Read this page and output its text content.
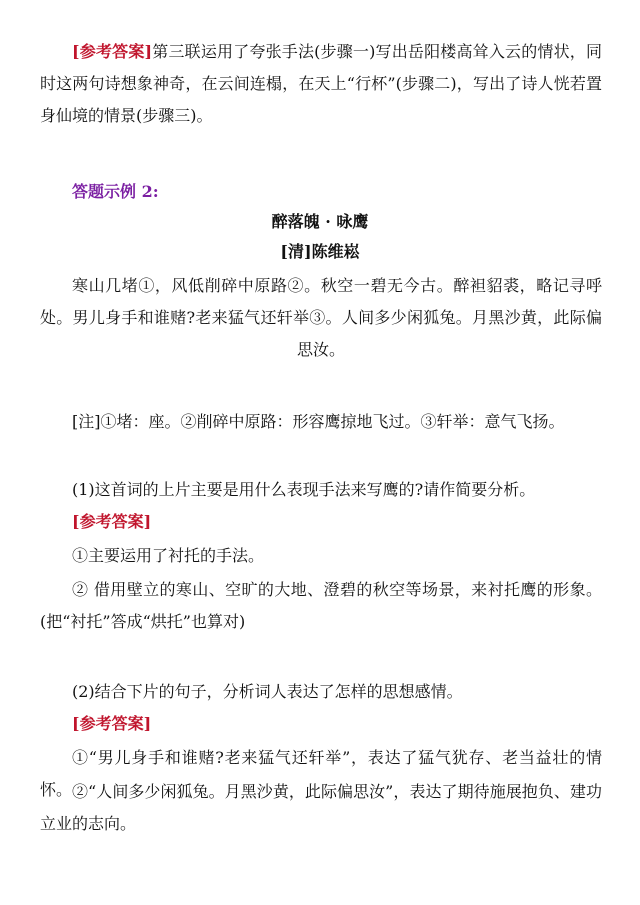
[参考答案]第三联运用了夸张手法(步骤一)写出岳阳楼高耸入云的情状，同时这两句诗想象神奇，在云间连榻，在天上“行杯”(步骤二)，写出了诗人恍若置身仙境的情景(步骤三)。

答题示例 2:

醉落魄 · 咏鹰
[清]陈维崧

寒山几堵①，风低削碎中原路②。秋空一碧无今古。醉袒貂裘，略记寻呼处。男儿身手和谁赌?老来猛气还轩举③。人间多少闲狐兔。月黑沙黄，此际偏思汝。

[注]①堵：座。②削碎中原路：形容鹰掠地飞过。③轩举：意气飞扬。

(1)这首词的上片主要是用什么表现手法来写鹰的?请作简要分析。

[参考答案]

①主要运用了衬托的手法。

② 借用壁立的寒山、空旷的大地、澄碧的秋空等场景，来衬托鹰的形象。(把“衬托”答成“烘托”也算对)

(2)结合下片的句子，分析词人表达了怎样的思想感情。

[参考答案]

①“男儿身手和谁赌?老来猛气还轩举”，表达了猛气犹存、老当益壮的情怀。 ②“人间多少闲狐兔。月黑沙黄，此际偏思汝”，表达了期待施展抱负、建功立业的志向。
